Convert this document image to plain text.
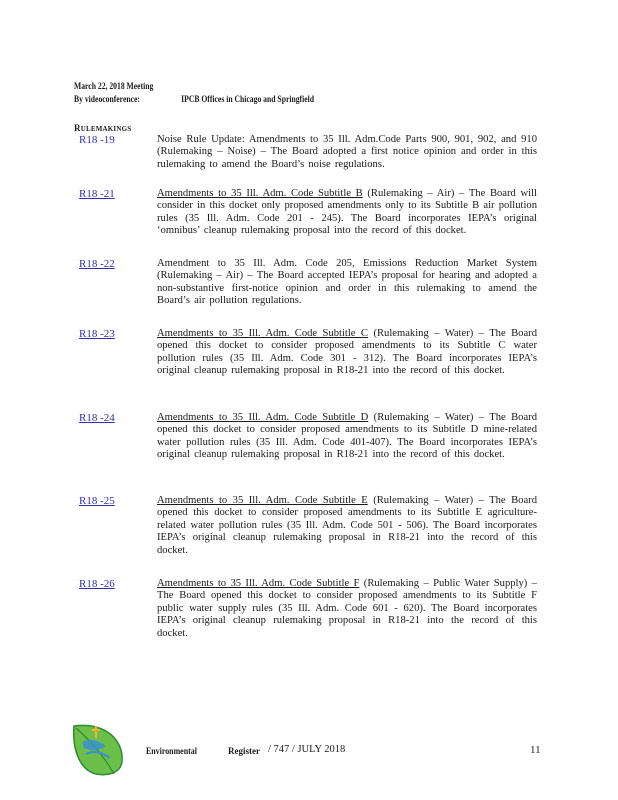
March 22, 2018 Meeting
By videoconference:	IPCB Offices in Chicago and Springfield
RULEMAKINGS
R18 -19	Noise Rule Update: Amendments to 35 Ill. Adm.Code Parts 900, 901, 902, and 910 (Rulemaking – Noise) – The Board adopted a first notice opinion and order in this rulemaking to amend the Board’s noise regulations.
R18 -21	Amendments to 35 Ill. Adm. Code Subtitle B (Rulemaking – Air) – The Board will consider in this docket only proposed amendments only to its Subtitle B air pollution rules (35 Ill. Adm. Code 201 - 245). The Board incorporates IEPA’s original ‘omnibus’ cleanup rulemaking proposal into the record of this docket.
R18 -22	Amendment to 35 Ill. Adm. Code 205, Emissions Reduction Market System (Rulemaking – Air) – The Board accepted IEPA’s proposal for hearing and adopted a non-substantive first-notice opinion and order in this rulemaking to amend the Board’s air pollution regulations.
R18 -23	Amendments to 35 Ill. Adm. Code Subtitle C (Rulemaking – Water) – The Board opened this docket to consider proposed amendments to its Subtitle C water pollution rules (35 Ill. Adm. Code 301 - 312). The Board incorporates IEPA’s original cleanup rulemaking proposal in R18-21 into the record of this docket.
R18 -24	Amendments to 35 Ill. Adm. Code Subtitle D (Rulemaking – Water) – The Board opened this docket to consider proposed amendments to its Subtitle D mine-related water pollution rules (35 Ill. Adm. Code 401-407). The Board incorporates IEPA’s original cleanup rulemaking proposal in R18-21 into the record of this docket.
R18 -25	Amendments to 35 Ill. Adm. Code Subtitle E (Rulemaking – Water) – The Board opened this docket to consider proposed amendments to its Subtitle E agriculture-related water pollution rules (35 Ill. Adm. Code 501 - 506). The Board incorporates IEPA’s original cleanup rulemaking proposal in R18-21 into the record of this docket.
R18 -26	Amendments to 35 Ill. Adm. Code Subtitle F (Rulemaking – Public Water Supply) – The Board opened this docket to consider proposed amendments to its Subtitle F public water supply rules (35 Ill. Adm. Code 601 - 620). The Board incorporates IEPA’s original cleanup rulemaking proposal in R18-21 into the record of this docket.
Environmental	Register / 747 / JULY 2018	11
